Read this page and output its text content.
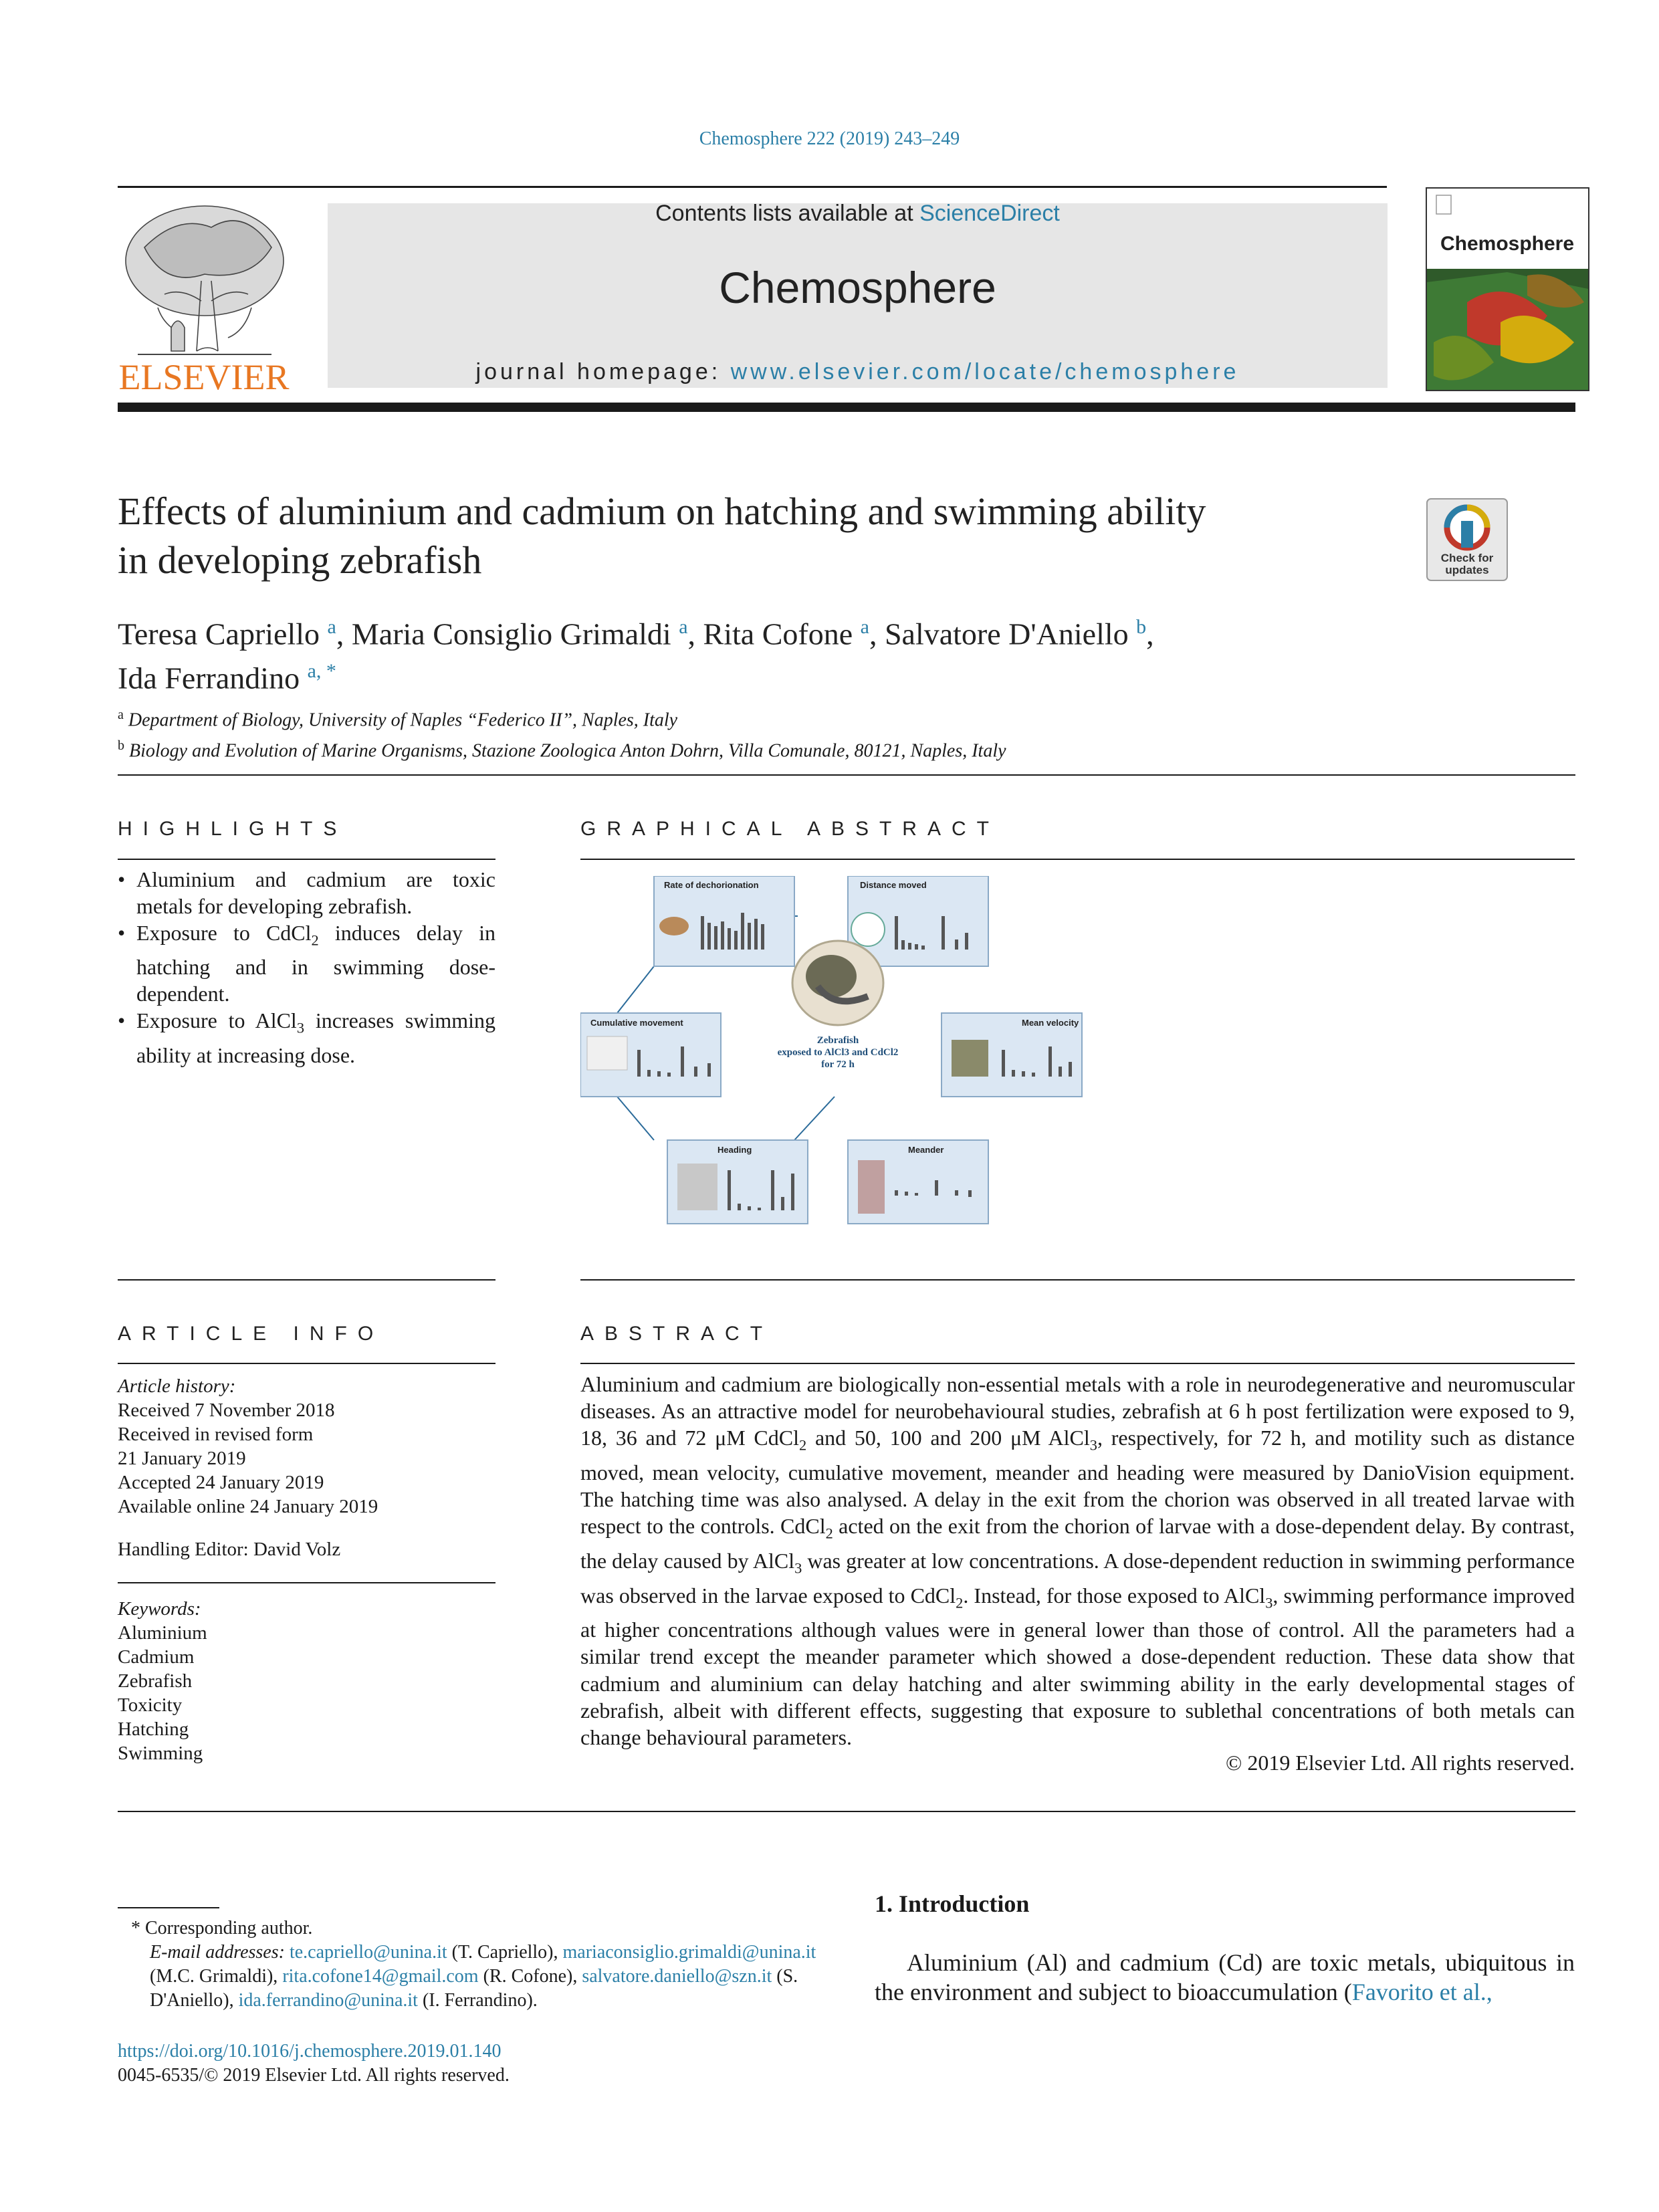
Chemosphere 222 (2019) 243–249
ELSEVIER
Contents lists available at ScienceDirect
Chemosphere
journal homepage: www.elsevier.com/locate/chemosphere
Chemosphere
Effects of aluminium and cadmium on hatching and swimming ability
in developing zebrafish	Check for
updates
Teresa Capriello $^a$, Maria Consiglio Grimaldi $^a$, Rita Cofone $^a$, Salvatore D'Aniello $^b$,
Ida Ferrandino $^{a, *}$
$^a$ Department of Biology, University of Naples “Federico II”, Naples, Italy
$^b$ Biology and Evolution of Marine Organisms, Stazione Zoologica Anton Dohrn, Villa Comunale, 80121, Naples, Italy
HIGHLIGHTS

• Aluminium and cadmium are toxic metals for developing zebrafish.

• Exposure to CdCl$_2$ induces delay in hatching and in swimming dose-dependent.

• Exposure to AlCl$_3$ increases swimming ability at increasing dose.

GRAPHICAL ABSTRACT
Rate of dechorionation	Distance moved
Mean velocity
Meander
Heading
Cumulative movement
Zebrafish
exposed to AlCl3 and CdCl2
for 72 h
ARTICLE INFO
Article history:
Received 7 November 2018
Received in revised form
21 January 2019
Accepted 24 January 2019
Available online 24 January 2019
Handling Editor: David Volz
Keywords:
Aluminium
Cadmium
Zebrafish
Toxicity
Hatching
Swimming
ABSTRACT
Aluminium and cadmium are biologically non-essential metals with a role in neurodegenerative and neuromuscular diseases. As an attractive model for neurobehavioural studies, zebrafish at 6 h post fertilization were exposed to 9, 18, 36 and 72 μM CdCl$_2$ and 50, 100 and 200 μM AlCl$_3$, respectively, for 72 h, and motility such as distance moved, mean velocity, cumulative movement, meander and heading were measured by DanioVision equipment. The hatching time was also analysed. A delay in the exit from the chorion was observed in all treated larvae with respect to the controls. CdCl$_2$ acted on the exit from the chorion of larvae with a dose-dependent delay. By contrast, the delay caused by AlCl$_3$ was greater at low concentrations. A dose-dependent reduction in swimming performance was observed in the larvae exposed to CdCl$_2$. Instead, for those exposed to AlCl$_3$, swimming performance improved at higher concentrations although values were in general lower than those of control. All the parameters had a similar trend except the meander parameter which showed a dose-dependent reduction. These data show that cadmium and aluminium can delay hatching and alter swimming ability in the early developmental stages of zebrafish, albeit with different effects, suggesting that exposure to sublethal concentrations of both metals can change behavioural parameters.
© 2019 Elsevier Ltd. All rights reserved.
* Corresponding author.
E-mail addresses: te.capriello@unina.it (T. Capriello), mariaconsiglio.grimaldi@unina.it (M.C. Grimaldi), rita.cofone14@gmail.com (R. Cofone), salvatore.daniello@szn.it (S. D'Aniello), ida.ferrandino@unina.it (I. Ferrandino).
https://doi.org/10.1016/j.chemosphere.2019.01.140
0045-6535/© 2019 Elsevier Ltd. All rights reserved.
1. Introduction
Aluminium (Al) and cadmium (Cd) are toxic metals, ubiquitous in the environment and subject to bioaccumulation (Favorito et al.,
